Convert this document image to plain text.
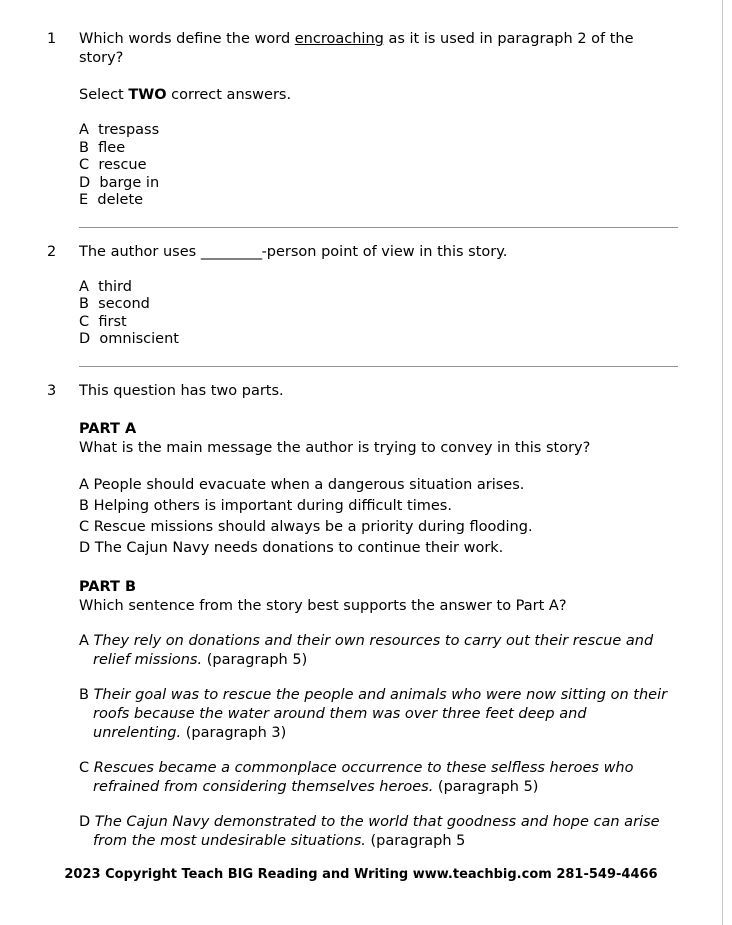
1 Which words define the word encroaching as it is used in paragraph 2 of the story?

Select TWO correct answers.

A trespass
B flee
C rescue
D barge in
E delete
2 The author uses _________-person point of view in this story.

A third
B second
C first
D omniscient
3 This question has two parts.

PART A

What is the main message the author is trying to convey in this story?

A People should evacuate when a dangerous situation arises.
B Helping others is important during difficult times.
C Rescue missions should always be a priority during flooding.
D The Cajun Navy needs donations to continue their work.

PART B

Which sentence from the story best supports the answer to Part A?

A They rely on donations and their own resources to carry out their rescue and relief missions. (paragraph 5)
B Their goal was to rescue the people and animals who were now sitting on their roofs because the water around them was over three feet deep and unrelenting. (paragraph 3)
C Rescues became a commonplace occurrence to these selfless heroes who refrained from considering themselves heroes. (paragraph 5)
D The Cajun Navy demonstrated to the world that goodness and hope can arise from the most undesirable situations. (paragraph 5
2023 Copyright Teach BIG Reading and Writing www.teachbig.com 281-549-4466
